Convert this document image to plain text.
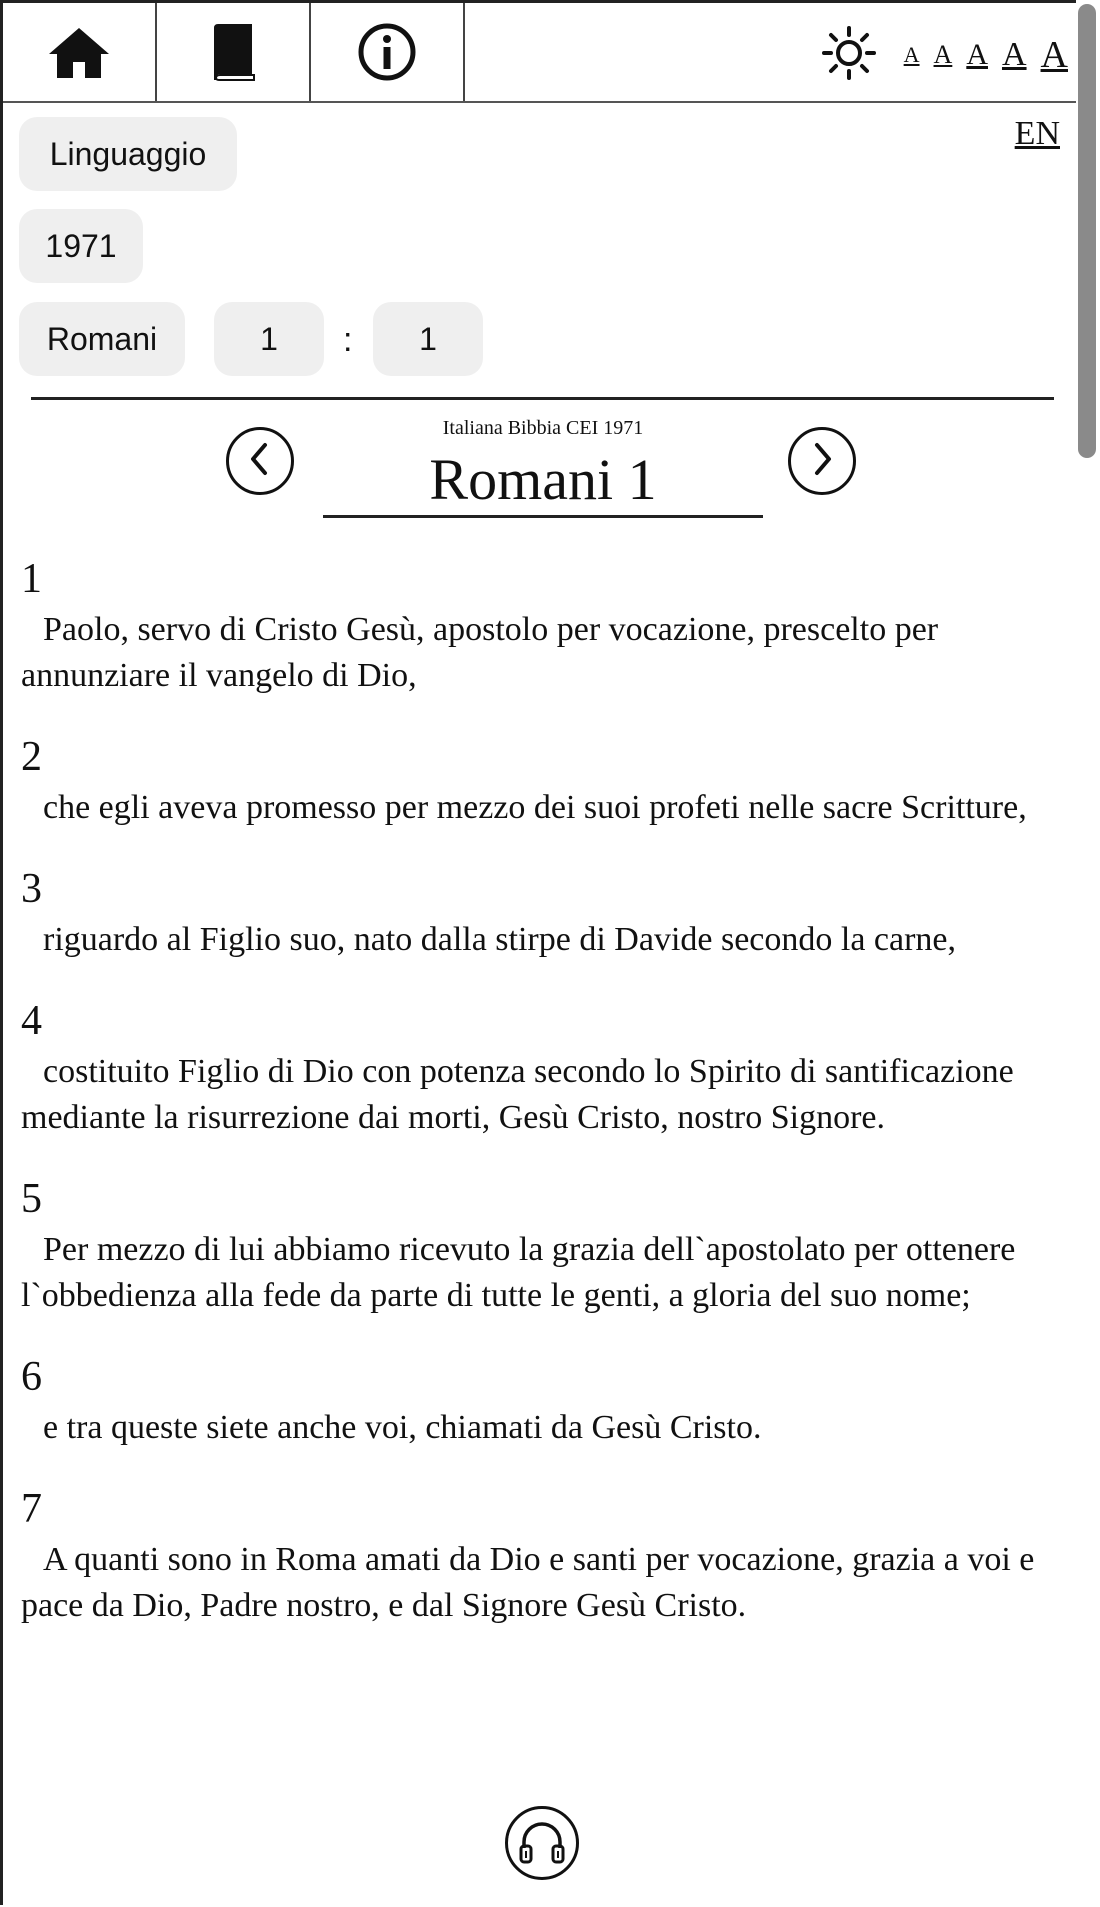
A A A A A
Linguaggio
EN
1971
Romani	1	:	1
Italiana Bibbia CEI 1971
Romani 1
1
Paolo, servo di Cristo Gesù, apostolo per vocazione, prescelto per annunziare il vangelo di Dio,
2
che egli aveva promesso per mezzo dei suoi profeti nelle sacre Scritture,
3
riguardo al Figlio suo, nato dalla stirpe di Davide secondo la carne,
4
costituito Figlio di Dio con potenza secondo lo Spirito di santificazione mediante la risurrezione dai morti, Gesù Cristo, nostro Signore.
5
Per mezzo di lui abbiamo ricevuto la grazia dell`apostolato per ottenere l`obbedienza alla fede da parte di tutte le genti, a gloria del suo nome;
6
e tra queste siete anche voi, chiamati da Gesù Cristo.
7
A quanti sono in Roma amati da Dio e santi per vocazione, grazia a voi e pace da Dio, Padre nostro, e dal Signore Gesù Cristo.
